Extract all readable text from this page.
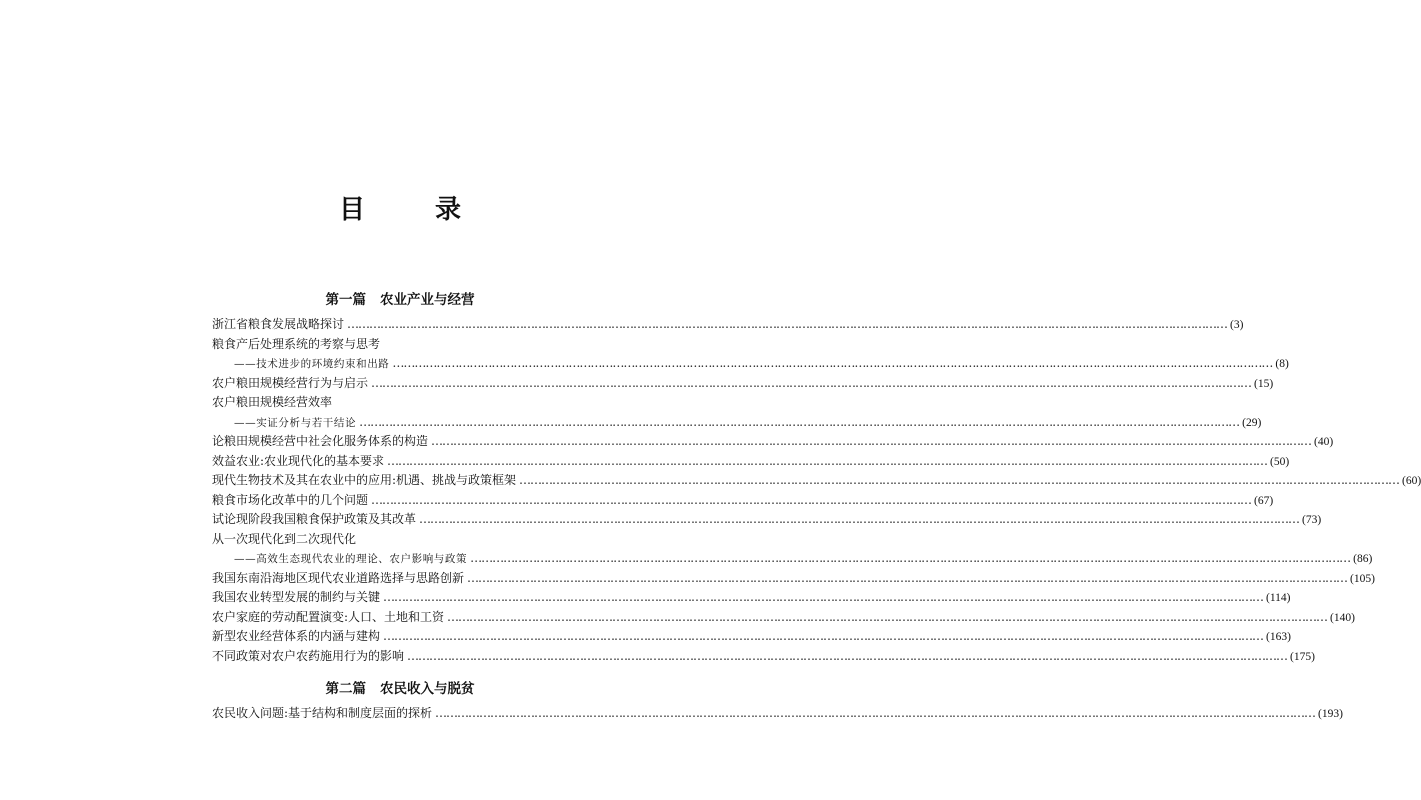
目　录
第一篇 农业产业与经营
浙江省粮食发展战略探讨 …………………………………………………………………………………………………………………………………………………………………………………………………………………… (3)
粮食产后处理系统的考察与思考
——技术进步的环境约束和出路 …………………………………………………………………………………………………………………………………………………………………………………………………………………… (8)
农户粮田规模经营行为与启示 …………………………………………………………………………………………………………………………………………………………………………………………………………………… (15)
农户粮田规模经营效率
——实证分析与若干结论 …………………………………………………………………………………………………………………………………………………………………………………………………………………… (29)
论粮田规模经营中社会化服务体系的构造 …………………………………………………………………………………………………………………………………………………………………………………………………………………… (40)
效益农业:农业现代化的基本要求 …………………………………………………………………………………………………………………………………………………………………………………………………………………… (50)
现代生物技术及其在农业中的应用:机遇、挑战与政策框架 …………………………………………………………………………………………………………………………………………………………………………………………………………………… (60)
粮食市场化改革中的几个问题 …………………………………………………………………………………………………………………………………………………………………………………………………………………… (67)
试论现阶段我国粮食保护政策及其改革 …………………………………………………………………………………………………………………………………………………………………………………………………………………… (73)
从一次现代化到二次现代化
——高效生态现代农业的理论、农户影响与政策 …………………………………………………………………………………………………………………………………………………………………………………………………………………… (86)
我国东南沿海地区现代农业道路选择与思路创新 …………………………………………………………………………………………………………………………………………………………………………………………………………………… (105)
我国农业转型发展的制约与关键 …………………………………………………………………………………………………………………………………………………………………………………………………………………… (114)
农户家庭的劳动配置演变:人口、土地和工资 …………………………………………………………………………………………………………………………………………………………………………………………………………………… (140)
新型农业经营体系的内涵与建构 …………………………………………………………………………………………………………………………………………………………………………………………………………………… (163)
不同政策对农户农药施用行为的影响 …………………………………………………………………………………………………………………………………………………………………………………………………………………… (175)
第二篇 农民收入与脱贫
农民收入问题:基于结构和制度层面的探析 …………………………………………………………………………………………………………………………………………………………………………………………………………………… (193)
